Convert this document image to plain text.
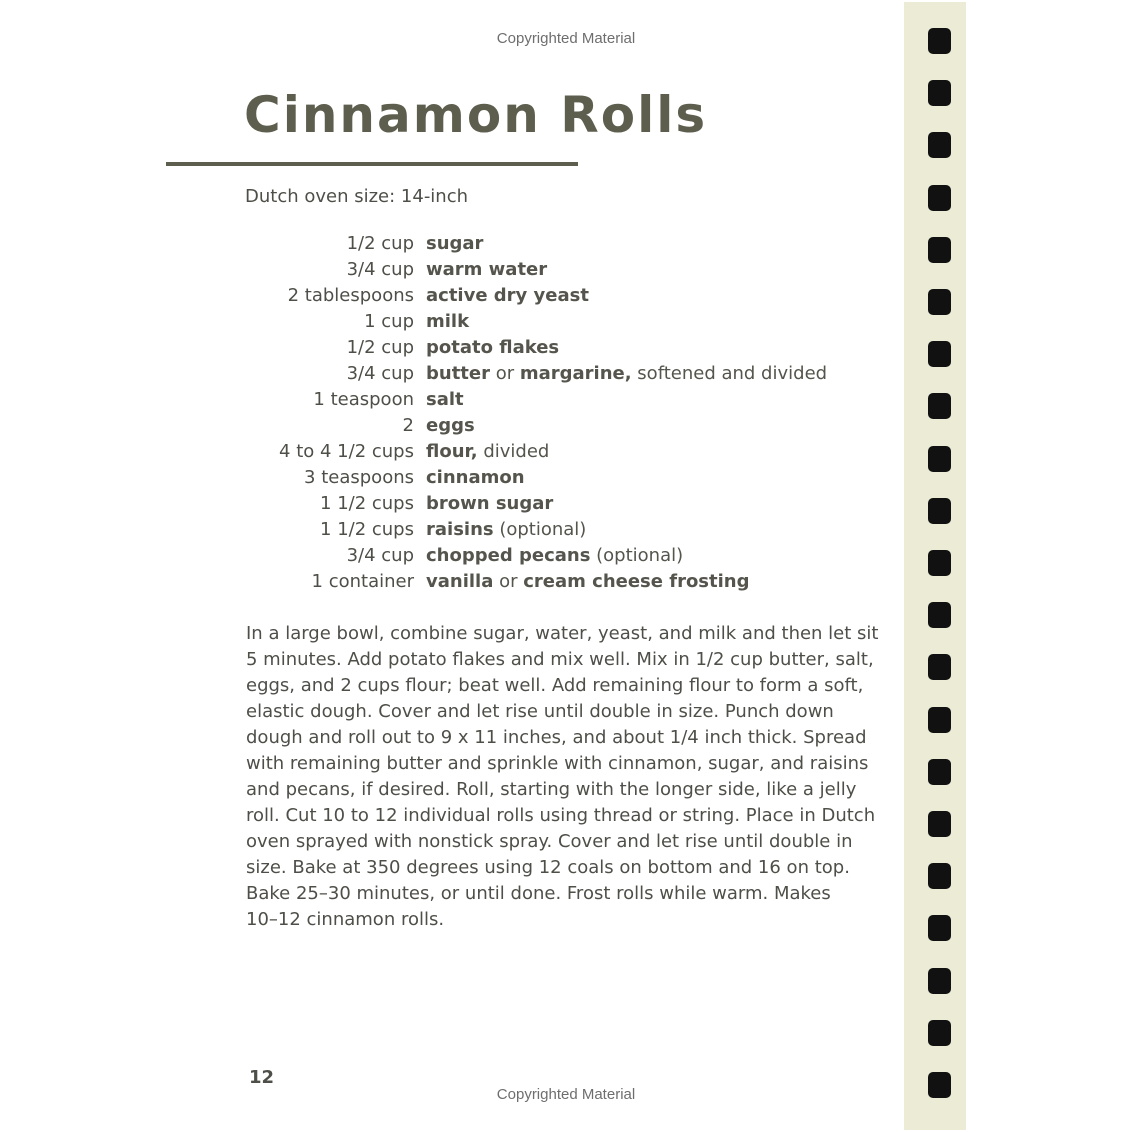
Copyrighted Material
Cinnamon Rolls
Dutch oven size: 14-inch
1/2 cup sugar
3/4 cup warm water
2 tablespoons active dry yeast
1 cup milk
1/2 cup potato flakes
3/4 cup butter or margarine, softened and divided
1 teaspoon salt
2 eggs
4 to 4 1/2 cups flour, divided
3 teaspoons cinnamon
1 1/2 cups brown sugar
1 1/2 cups raisins (optional)
3/4 cup chopped pecans (optional)
1 container vanilla or cream cheese frosting
In a large bowl, combine sugar, water, yeast, and milk and then let sit
5 minutes. Add potato flakes and mix well. Mix in 1/2 cup butter, salt,
eggs, and 2 cups flour; beat well. Add remaining flour to form a soft,
elastic dough. Cover and let rise until double in size. Punch down
dough and roll out to 9 x 11 inches, and about 1/4 inch thick. Spread
with remaining butter and sprinkle with cinnamon, sugar, and raisins
and pecans, if desired. Roll, starting with the longer side, like a jelly
roll. Cut 10 to 12 individual rolls using thread or string. Place in Dutch
oven sprayed with nonstick spray. Cover and let rise until double in
size. Bake at 350 degrees using 12 coals on bottom and 16 on top.
Bake 25–30 minutes, or until done. Frost rolls while warm. Makes
10–12 cinnamon rolls.
12
Copyrighted Material
